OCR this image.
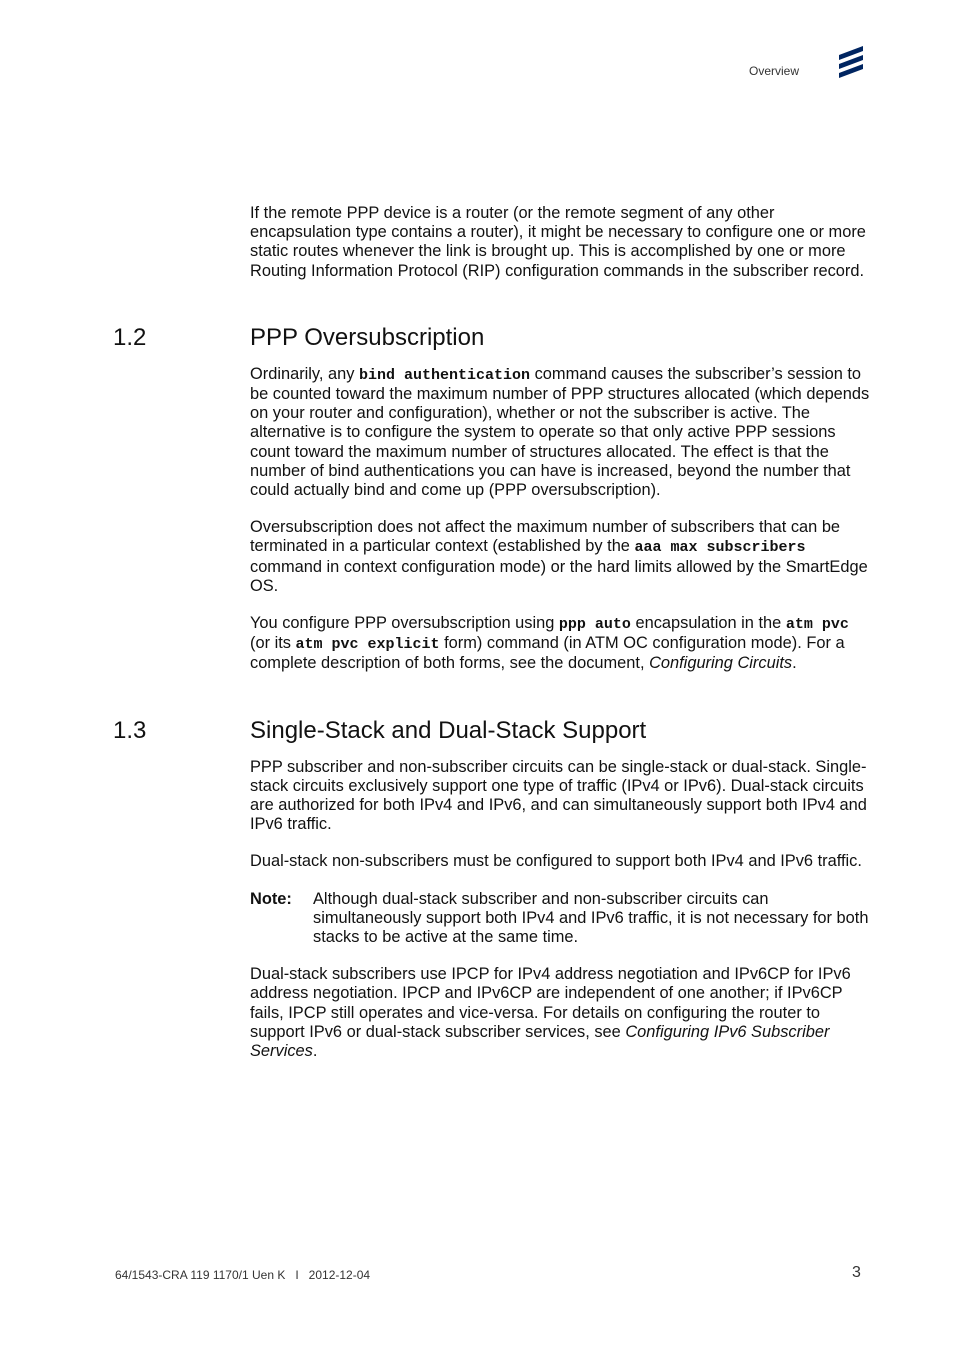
Overview

If the remote PPP device is a router (or the remote segment of any other encapsulation type contains a router), it might be necessary to configure one or more static routes whenever the link is brought up. This is accomplished by one or more Routing Information Protocol (RIP) configuration commands in the subscriber record.

1.2	PPP Oversubscription

Ordinarily, any bind authentication command causes the subscriber’s session to be counted toward the maximum number of PPP structures allocated (which depends on your router and configuration), whether or not the subscriber is active. The alternative is to configure the system to operate so that only active PPP sessions count toward the maximum number of structures allocated. The effect is that the number of bind authentications you can have is increased, beyond the number that could actually bind and come up (PPP oversubscription).

Oversubscription does not affect the maximum number of subscribers that can be terminated in a particular context (established by the aaa max subscribers command in context configuration mode) or the hard limits allowed by the SmartEdge OS.

You configure PPP oversubscription using ppp auto encapsulation in the atm pvc (or its atm pvc explicit form) command (in ATM OC configuration mode). For a complete description of both forms, see the document, Configuring Circuits.

1.3	Single-Stack and Dual-Stack Support

PPP subscriber and non-subscriber circuits can be single-stack or dual-stack. Single-stack circuits exclusively support one type of traffic (IPv4 or IPv6). Dual-stack circuits are authorized for both IPv4 and IPv6, and can simultaneously support both IPv4 and IPv6 traffic.

Dual-stack non-subscribers must be configured to support both IPv4 and IPv6 traffic.

Note:	Although dual-stack subscriber and non-subscriber circuits can simultaneously support both IPv4 and IPv6 traffic, it is not necessary for both stacks to be active at the same time.

Dual-stack subscribers use IPCP for IPv4 address negotiation and IPv6CP for IPv6 address negotiation. IPCP and IPv6CP are independent of one another; if IPv6CP fails, IPCP still operates and vice-versa. For details on configuring the router to support IPv6 or dual-stack subscriber services, see Configuring IPv6 Subscriber Services.

64/1543-CRA 119 1170/1 Uen K   I   2012-12-04	3
